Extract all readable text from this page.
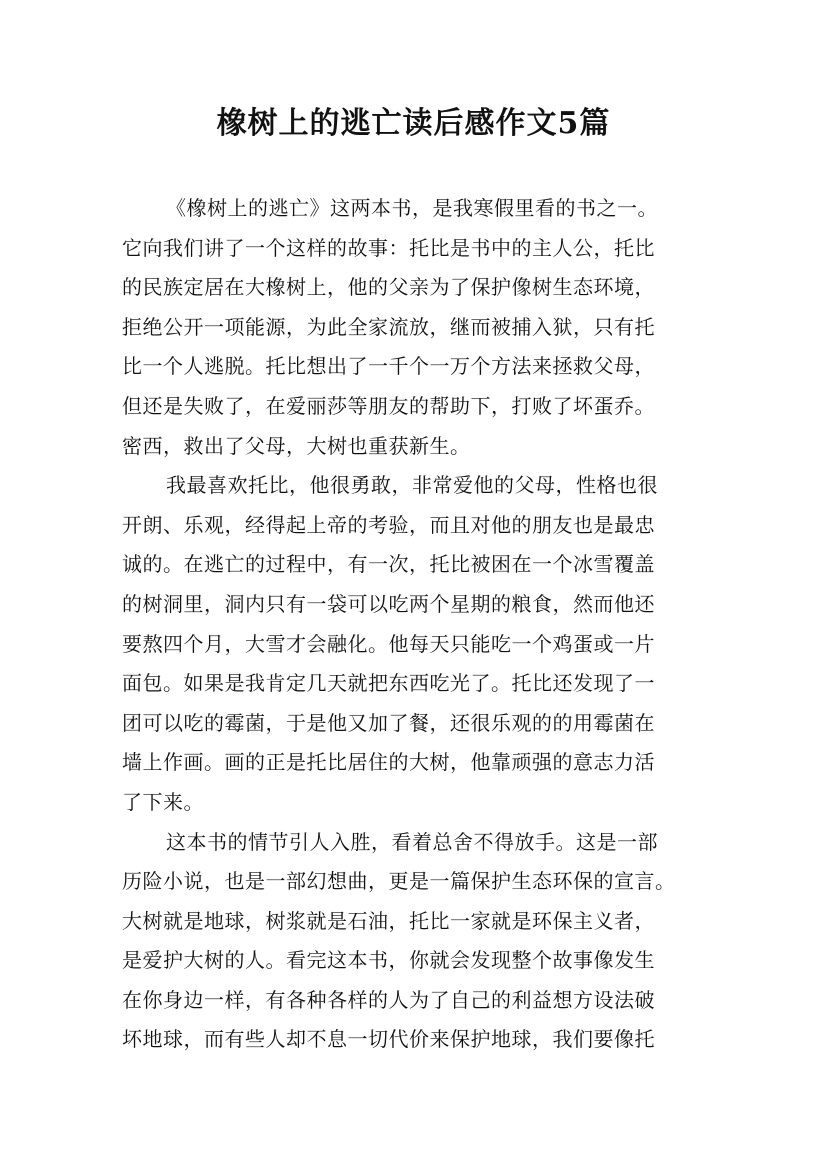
橡树上的逃亡读后感作文5篇
《橡树上的逃亡》这两本书，是我寒假里看的书之一。
它向我们讲了一个这样的故事：托比是书中的主人公，托比
的民族定居在大橡树上，他的父亲为了保护像树生态环境，
拒绝公开一项能源，为此全家流放，继而被捕入狱，只有托
比一个人逃脱。托比想出了一千个一万个方法来拯救父母，
但还是失败了，在爱丽莎等朋友的帮助下，打败了坏蛋乔。
密西，救出了父母，大树也重获新生。
我最喜欢托比，他很勇敢，非常爱他的父母，性格也很
开朗、乐观，经得起上帝的考验，而且对他的朋友也是最忠
诚的。在逃亡的过程中，有一次，托比被困在一个冰雪覆盖
的树洞里，洞内只有一袋可以吃两个星期的粮食，然而他还
要熬四个月，大雪才会融化。他每天只能吃一个鸡蛋或一片
面包。如果是我肯定几天就把东西吃光了。托比还发现了一
团可以吃的霉菌，于是他又加了餐，还很乐观的的用霉菌在
墙上作画。画的正是托比居住的大树，他靠顽强的意志力活
了下来。
这本书的情节引人入胜，看着总舍不得放手。这是一部
历险小说，也是一部幻想曲，更是一篇保护生态环保的宣言。
大树就是地球，树浆就是石油，托比一家就是环保主义者，
是爱护大树的人。看完这本书，你就会发现整个故事像发生
在你身边一样，有各种各样的人为了自己的利益想方设法破
坏地球，而有些人却不息一切代价来保护地球，我们要像托
